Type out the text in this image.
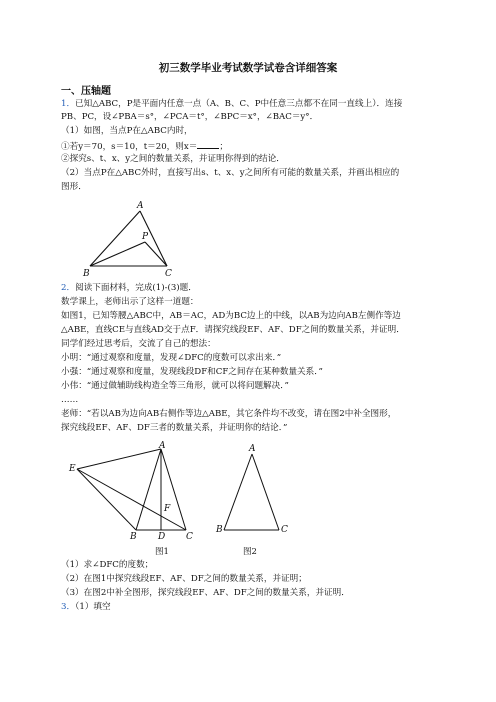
初三数学毕业考试数学试卷含详细答案
一、压轴题
1．已知△ABC，P是平面内任意一点（A、B、C、P中任意三点都不在同一直线上）．连接
PB、PC，设∠PBA＝s°，∠PCA＝t°，∠BPC＝x°，∠BAC＝y°．
（1）如图，当点P在△ABC内时，
①若y＝70，s＝10，t＝20，则x＝	；
②探究s、t、x、y之间的数量关系，并证明你得到的结论．
（2）当点P在△ABC外时，直接写出s、t、x、y之间所有可能的数量关系，并画出相应的
图形．
A
P
B	C
2．阅读下面材料，完成(1)-(3)题．
数学课上，老师出示了这样一道题：
如图1，已知等腰△ABC中，AB＝AC，AD为BC边上的中线，以AB为边向AB左侧作等边
△ABE，直线CE与直线AD交于点F．请探究线段EF、AF、DF之间的数量关系，并证明．
同学们经过思考后，交流了自己的想法：
小明：“通过观察和度量，发现∠DFC的度数可以求出来．”
小强：“通过观察和度量，发现线段DF和CF之间存在某种数量关系．”
小伟：“通过做辅助线构造全等三角形，就可以将问题解决．”
……
老师：“若以AB为边向AB右侧作等边△ABE，其它条件均不改变，请在图2中补全图形，
探究线段EF、AF、DF三者的数量关系，并证明你的结论．”
E
A
F
B D C
图1
A
B	C
图2
（1）求∠DFC的度数；
（2）在图1中探究线段EF、AF、DF之间的数量关系，并证明；
（3）在图2中补全图形，探究线段EF、AF、DF之间的数量关系，并证明．
3．（1）填空
